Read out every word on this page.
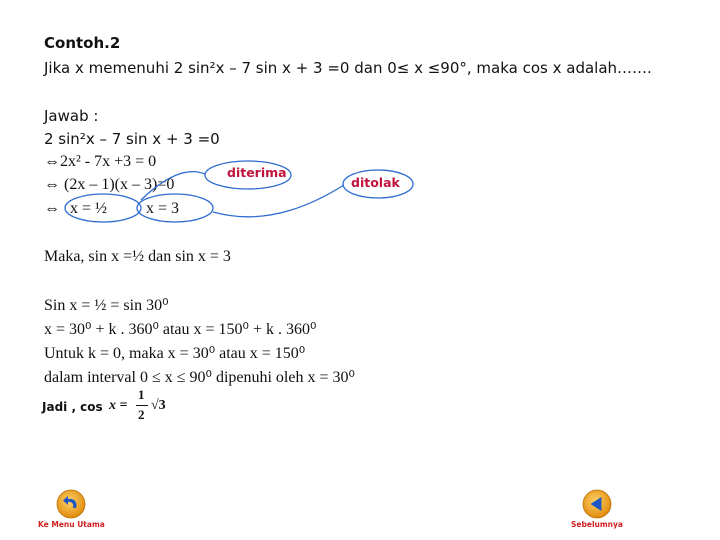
Contoh.2
Jika x memenuhi 2 sin²x – 7 sin x + 3 =0 dan 0≤ x ≤90°, maka cos x adalah…….
Jawab :
2 sin²x – 7 sin x + 3 =0
⇔2x² - 7x +3 = 0
⇔ (2x – 1)(x – 3)=0
⇔ x = ½ x = 3
diterima
ditolak
Maka, sin x =½ dan sin x = 3
Sin x = ½ = sin 30⁰
x = 30⁰ + k . 360⁰ atau x = 150⁰ + k . 360⁰
Untuk k = 0, maka x = 30⁰ atau x = 150⁰
dalam interval 0 ≤ x ≤ 90⁰ dipenuhi oleh x = 30⁰
Jadi , cos x =
1
2
√3
Ke Menu Utama	Sebelumnya
